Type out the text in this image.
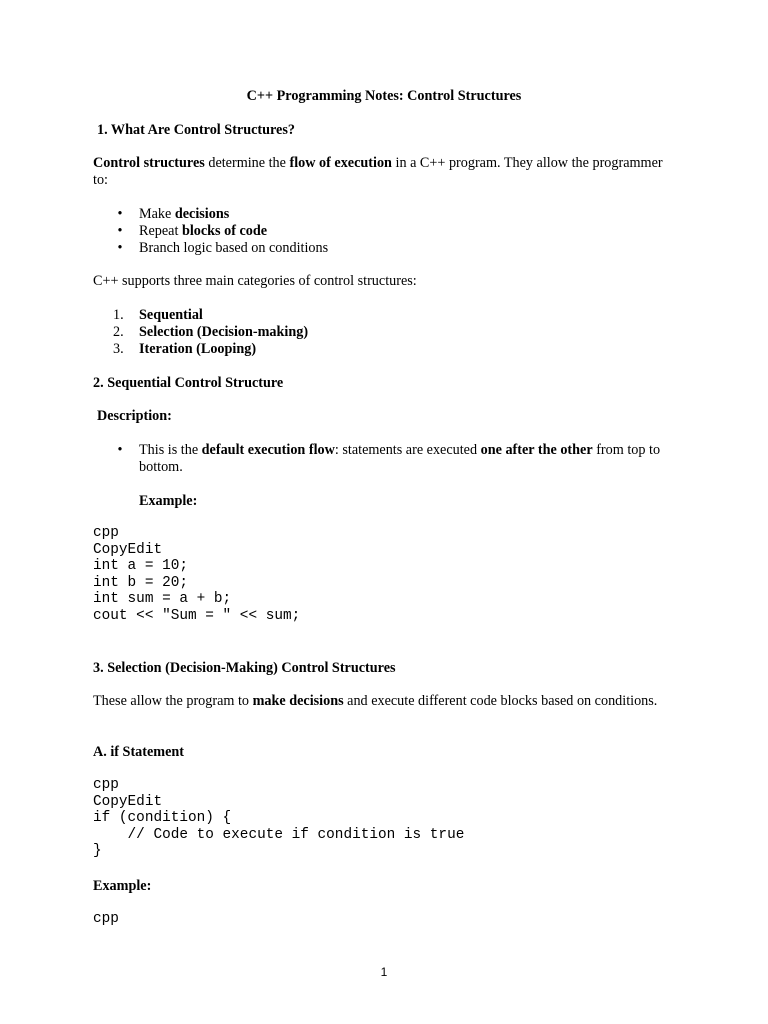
C++ Programming Notes: Control Structures
1. What Are Control Structures?

Control structures determine the flow of execution in a C++ program. They allow the programmer to:

• Make decisions
• Repeat blocks of code
• Branch logic based on conditions

C++ supports three main categories of control structures:

1. Sequential
2. Selection (Decision-making)
3. Iteration (Looping)
2. Sequential Control Structure
Description:
• This is the default execution flow: statements are executed one after the other from top to bottom.
Example:
cpp
CopyEdit
int a = 10;
int b = 20;
int sum = a + b;
cout << "Sum = " << sum;
3. Selection (Decision-Making) Control Structures

These allow the program to make decisions and execute different code blocks based on conditions.

A. if Statement
cpp
CopyEdit
if (condition) {
// Code to execute if condition is true
}
Example:
cpp
1
